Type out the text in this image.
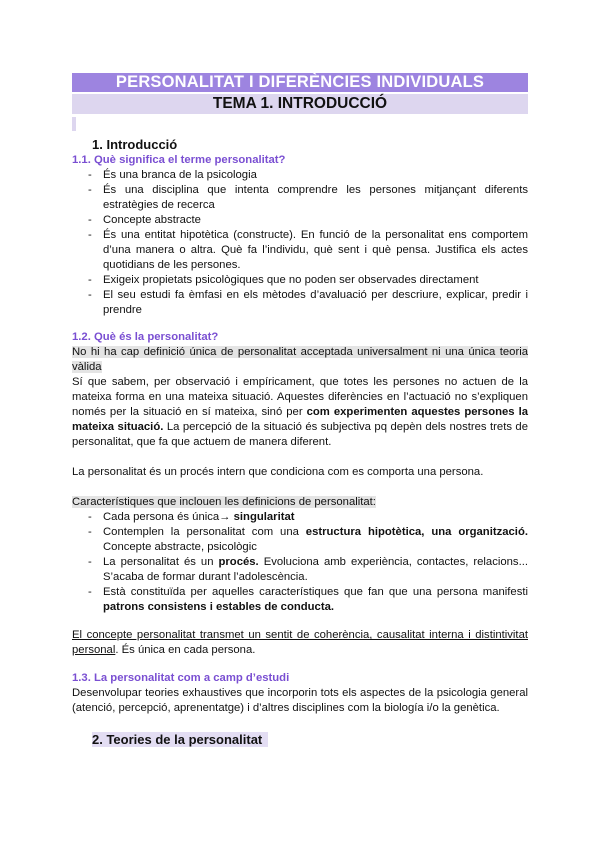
PERSONALITAT I DIFERÈNCIES INDIVIDUALS
TEMA 1. INTRODUCCIÓ
1. Introducció
1.1. Què significa el terme personalitat?
- És una branca de la psicologia
- És una disciplina que intenta comprendre les persones mitjançant diferents estratègies de recerca
- Concepte abstracte
- És una entitat hipotètica (constructe). En funció de la personalitat ens comportem d’una manera o altra. Què fa l’individu, què sent i què pensa. Justifica els actes quotidians de les persones.
- Exigeix propietats psicològiques que no poden ser observades directament
- El seu estudi fa èmfasi en els mètodes d’avaluació per descriure, explicar, predir i prendre
1.2. Què és la personalitat?

No hi ha cap definició única de personalitat acceptada universalment ni una única teoria vàlida

Sí que sabem, per observació i empíricament, que totes les persones no actuen de la mateixa forma en una mateixa situació. Aquestes diferències en l’actuació no s’expliquen només per la situació en sí mateixa, sinó per com experimenten aquestes persones la mateixa situació. La percepció de la situació és subjectiva pq depèn dels nostres trets de personalitat, que fa que actuem de manera diferent.

La personalitat és un procés intern que condiciona com es comporta una persona.

Característiques que inclouen les definicions de personalitat:

- Cada persona és única→ singularitat
- Contemplen la personalitat com una estructura hipotètica, una organització. Concepte abstracte, psicològic
- La personalitat és un procés. Evoluciona amb experiència, contactes, relacions... S’acaba de formar durant l’adolescència.
- Està constituïda per aquelles característiques que fan que una persona manifesti patrons consistens i estables de conducta.

El concepte personalitat transmet un sentit de coherència, causalitat interna i distintivitat personal. És única en cada persona.

1.3. La personalitat com a camp d’estudi

Desenvolupar teories exhaustives que incorporin tots els aspectes de la psicologia general (atenció, percepció, aprenentatge) i d’altres disciplines com la biología i/o la genètica.

2. Teories de la personalitat
